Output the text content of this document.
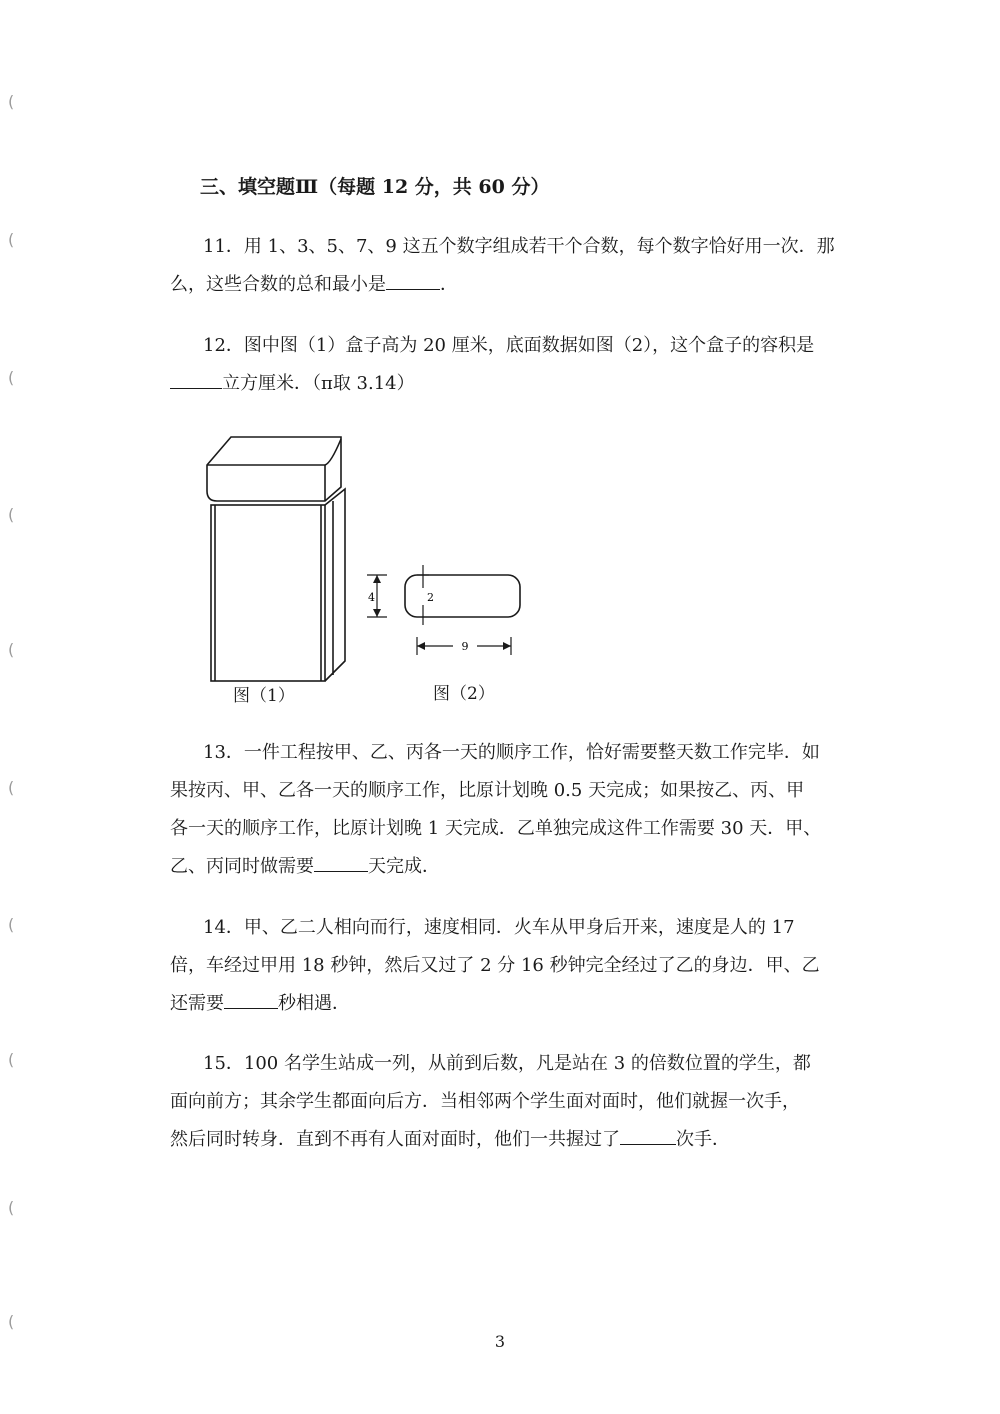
(
(
(
(
(
(
(
(
(
(
三、填空题Ⅲ（每题 12 分，共 60 分）

11．用 1、3、5、7、9 这五个数字组成若干个合数，每个数字恰好用一次．那

么，这些合数的总和最小是	．

12．图中图（1）盒子高为 20 厘米，底面数据如图（2），这个盒子的容积是

立方厘米．（π取 3.14）

4	2
9
图（1）	图（2）

13．一件工程按甲、乙、丙各一天的顺序工作，恰好需要整天数工作完毕．如

果按丙、甲、乙各一天的顺序工作，比原计划晚 0.5 天完成；如果按乙、丙、甲

各一天的顺序工作，比原计划晚 1 天完成．乙单独完成这件工作需要 30 天．甲、

乙、丙同时做需要	天完成．

14．甲、乙二人相向而行，速度相同．火车从甲身后开来，速度是人的 17

倍，车经过甲用 18 秒钟，然后又过了 2 分 16 秒钟完全经过了乙的身边．甲、乙

还需要	秒相遇．

15．100 名学生站成一列，从前到后数，凡是站在 3 的倍数位置的学生，都

面向前方；其余学生都面向后方．当相邻两个学生面对面时，他们就握一次手，

然后同时转身．直到不再有人面对面时，他们一共握过了	次手．

3
